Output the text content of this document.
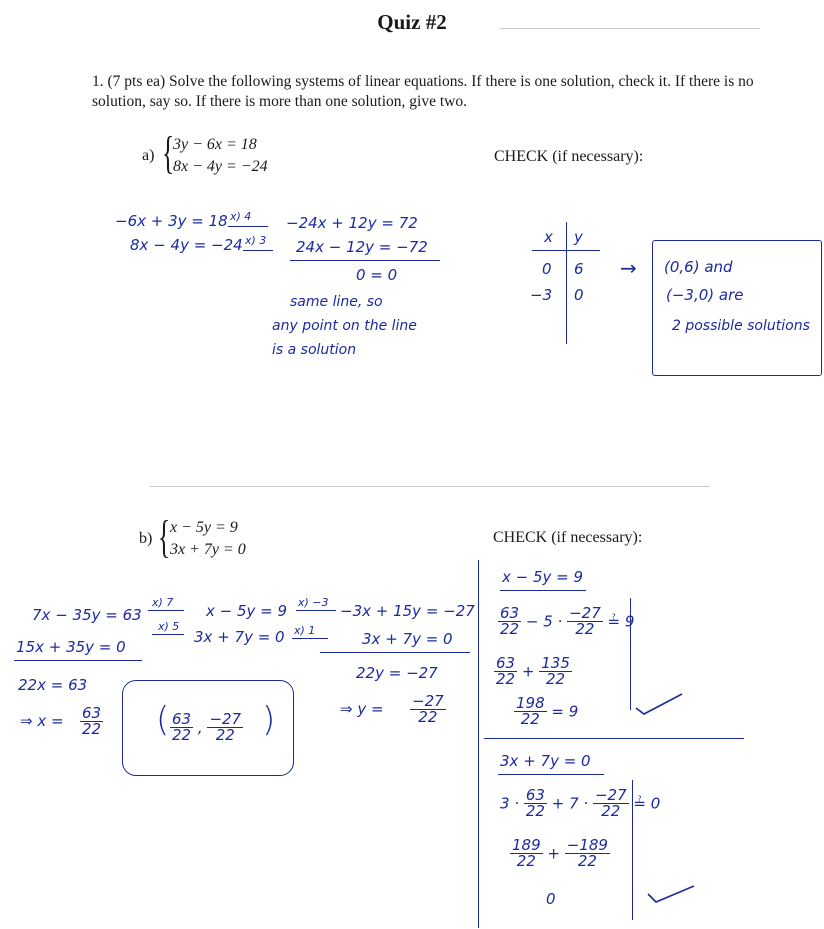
Quiz #2
1. (7 pts ea) Solve the following systems of linear equations. If there is one solution, check it. If there is no solution, say so. If there is more than one solution, give two.
a) {
3y − 6x = 18
8x − 4y = −24
CHECK (if necessary):
−6x + 3y = 18 x) 4 −24x + 12y = 72
8x − 4y = −24 x) 3 24x − 12y = −72
0 = 0
same line, so
any point on the line
is a solution
x y
0 6
−3 0
→ (0,6) and
(−3,0) are
2 possible solutions
b) { x − 5y = 9
3x + 7y = 0
CHECK (if necessary):
x − 5y = 9
3x + 7y = 0
x) 7
x) 5
x) −3
x) 1
7x − 35y = 63
15x + 35y = 0
22x = 63
⇒ $x = \frac{63}{22}$ ( $\frac{63}{22}$ , $\frac{-27}{22}$ )
−3x + 15y = −27
3x + 7y = 0
22y = −27
⇒ $y = \frac{-27}{22}$
x − 5y = 9
$\frac{63}{22} - 5 \cdot \frac{-27}{22}$ ≟ 9
$\frac{63}{22} + \frac{135}{22}$
$\frac{198}{22} = 9$
3x + 7y = 0
$3 \cdot \frac{63}{22} + 7 \cdot \frac{-27}{22}$ ≟ 0
$\frac{189}{22} + \frac{-189}{22}$
0
